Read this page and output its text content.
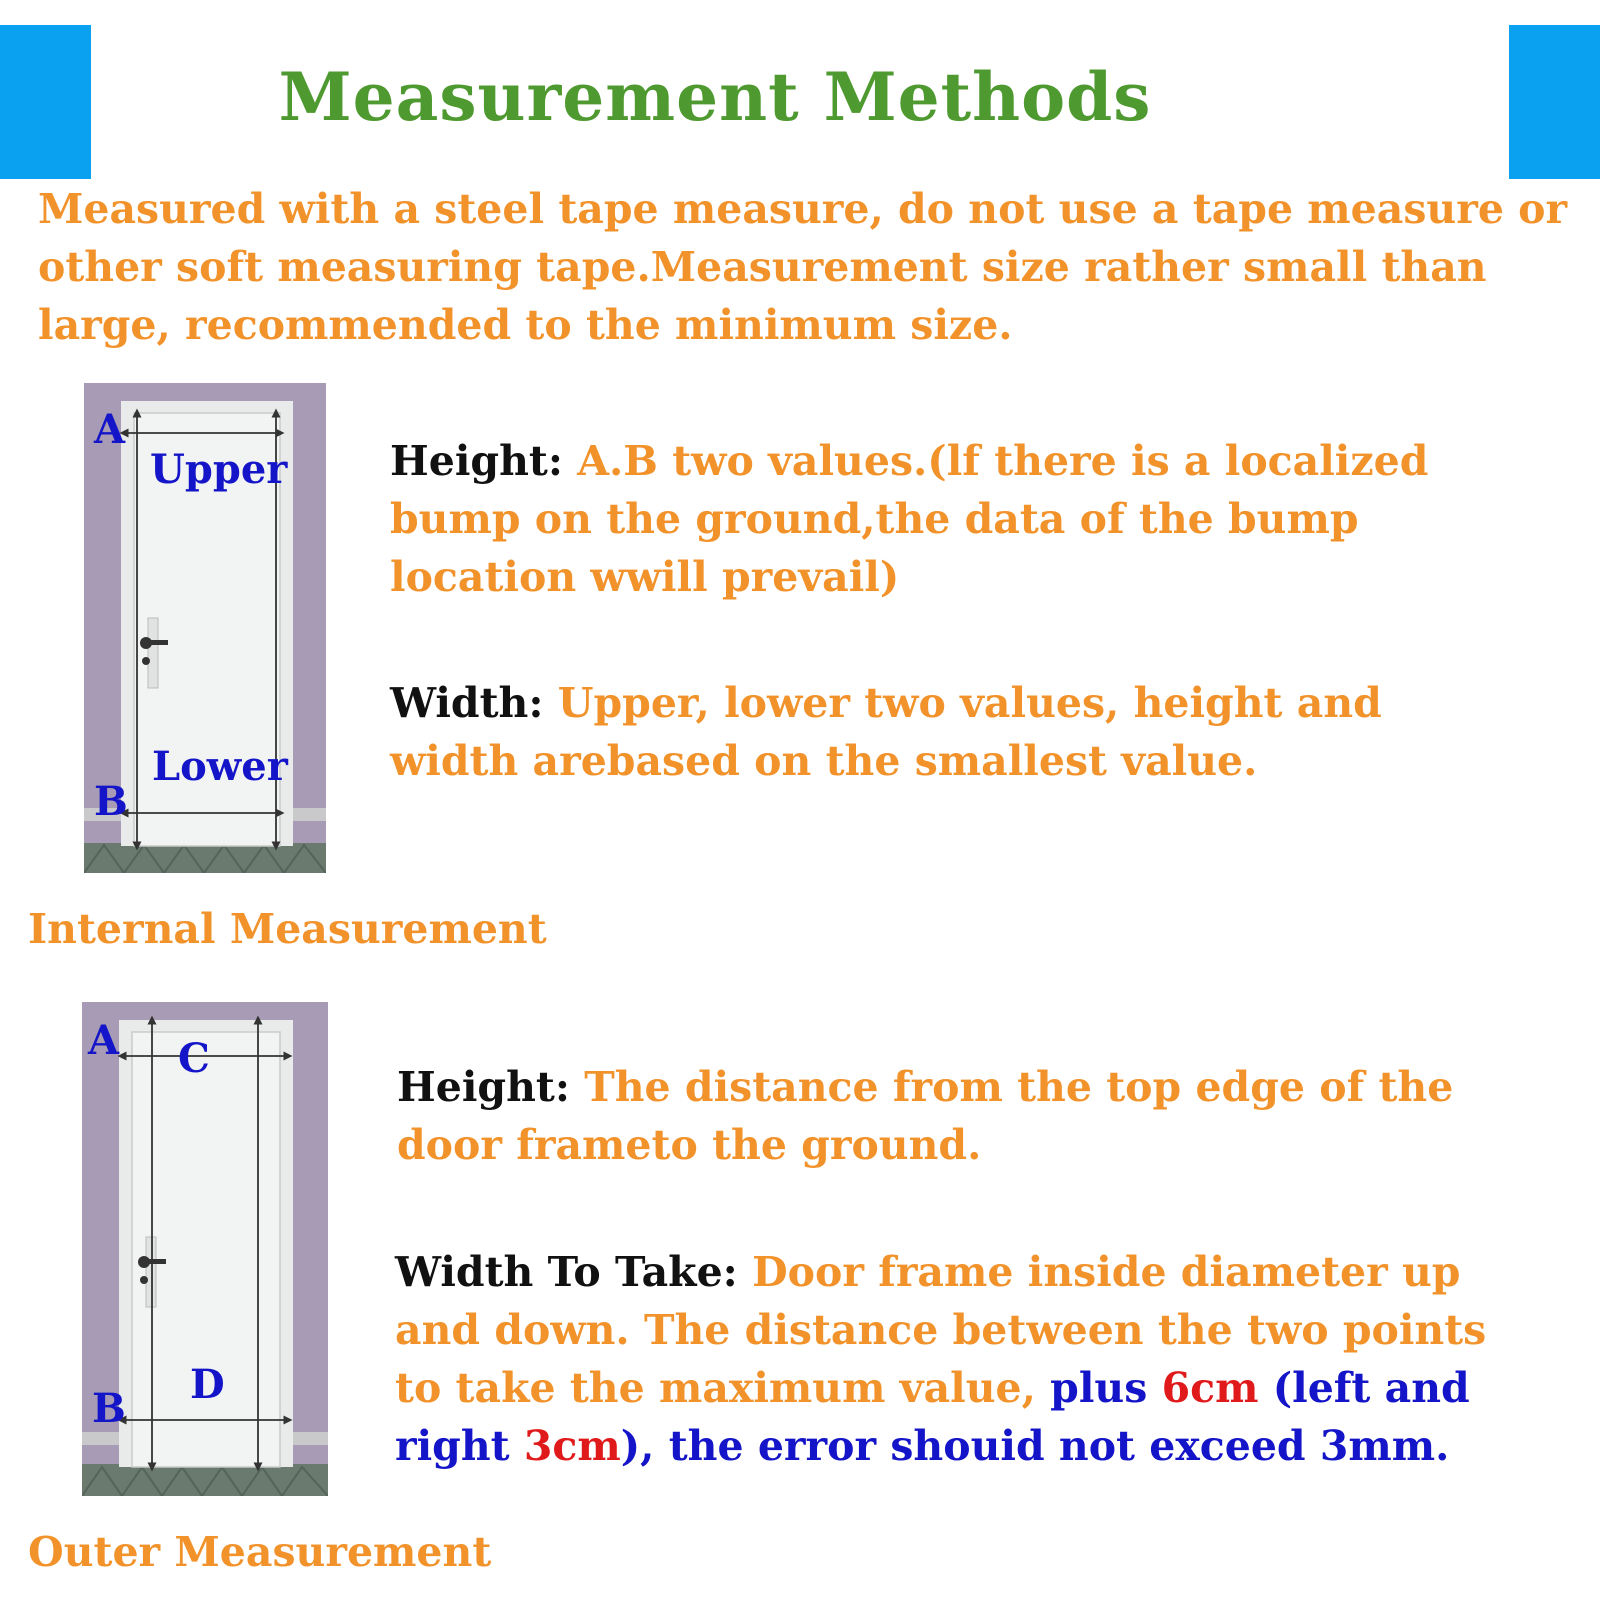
Measurement Methods
Measured with a steel tape measure, do not use a tape measure or other soft measuring tape.Measurement size rather small than large, recommended to the minimum size.
A
Upper
Lower
B
Height: A.B two values.(lf there is a localized bump on the ground,the data of the bump location wwill prevail)
Width: Upper, lower two values, height and width arebased on the smallest value.
Internal Measurement
A C
D
B
Height: The distance from the top edge of the door frameto the ground.
Width To Take: Door frame inside diameter up and down. The distance between the two points to take the maximum value, plus 6cm (left and right 3cm), the error shouid not exceed 3mm.
Outer Measurement
